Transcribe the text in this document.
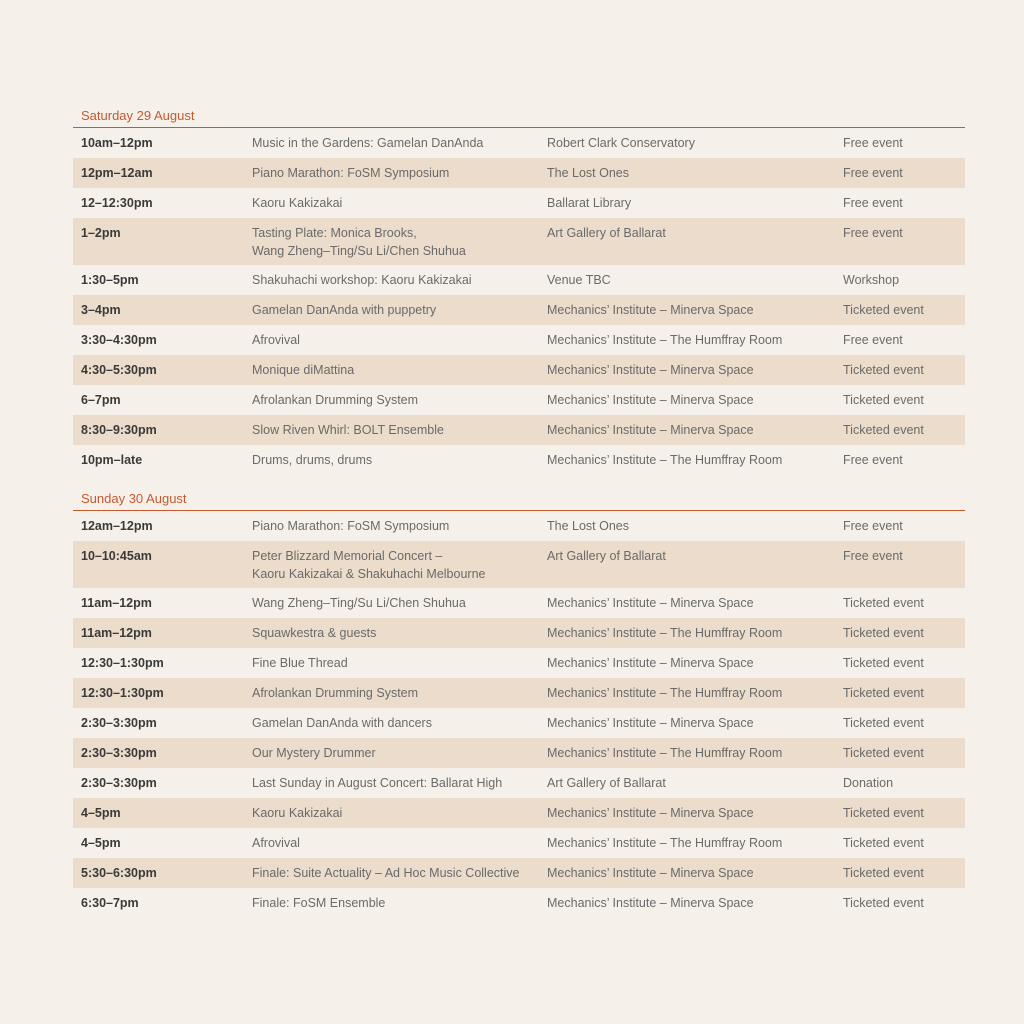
Saturday 29 August
10am–12pm	Music in the Gardens: Gamelan DanAnda	Robert Clark Conservatory	Free event
12pm–12am	Piano Marathon: FoSM Symposium	The Lost Ones	Free event
12–12:30pm	Kaoru Kakizakai	Ballarat Library	Free event
1–2pm	Tasting Plate: Monica Brooks,
Wang Zheng–Ting/Su Li/Chen Shuhua
Art Gallery of Ballarat	Free event
1:30–5pm	Shakuhachi workshop: Kaoru Kakizakai	Venue TBC	Workshop
3–4pm	Gamelan DanAnda with puppetry	Mechanics’ Institute – Minerva Space	Ticketed event
3:30–4:30pm	Afrovival	Mechanics’ Institute – The Humffray Room	Free event
4:30–5:30pm	Monique diMattina	Mechanics’ Institute – Minerva Space	Ticketed event
6–7pm	Afrolankan Drumming System	Mechanics’ Institute – Minerva Space	Ticketed event
8:30–9:30pm	Slow Riven Whirl: BOLT Ensemble	Mechanics’ Institute – Minerva Space	Ticketed event
10pm–late	Drums, drums, drums	Mechanics’ Institute – The Humffray Room	Free event
Sunday 30 August
12am–12pm	Piano Marathon: FoSM Symposium	The Lost Ones	Free event
10–10:45am	Peter Blizzard Memorial Concert –
Kaoru Kakizakai & Shakuhachi Melbourne
Art Gallery of Ballarat	Free event
11am–12pm	Wang Zheng–Ting/Su Li/Chen Shuhua	Mechanics’ Institute – Minerva Space	Ticketed event
11am–12pm	Squawkestra & guests	Mechanics’ Institute – The Humffray Room	Ticketed event
12:30–1:30pm	Fine Blue Thread	Mechanics’ Institute – Minerva Space	Ticketed event
12:30–1:30pm	Afrolankan Drumming System	Mechanics’ Institute – The Humffray Room	Ticketed event
2:30–3:30pm	Gamelan DanAnda with dancers	Mechanics’ Institute – Minerva Space	Ticketed event
2:30–3:30pm	Our Mystery Drummer	Mechanics’ Institute – The Humffray Room	Ticketed event
2:30–3:30pm	Last Sunday in August Concert: Ballarat High	Art Gallery of Ballarat	Donation
4–5pm	Kaoru Kakizakai	Mechanics’ Institute – Minerva Space	Ticketed event
4–5pm	Afrovival	Mechanics’ Institute – The Humffray Room	Ticketed event
5:30–6:30pm	Finale: Suite Actuality – Ad Hoc Music Collective	Mechanics’ Institute – Minerva Space	Ticketed event
6:30–7pm	Finale: FoSM Ensemble	Mechanics’ Institute – Minerva Space	Ticketed event
